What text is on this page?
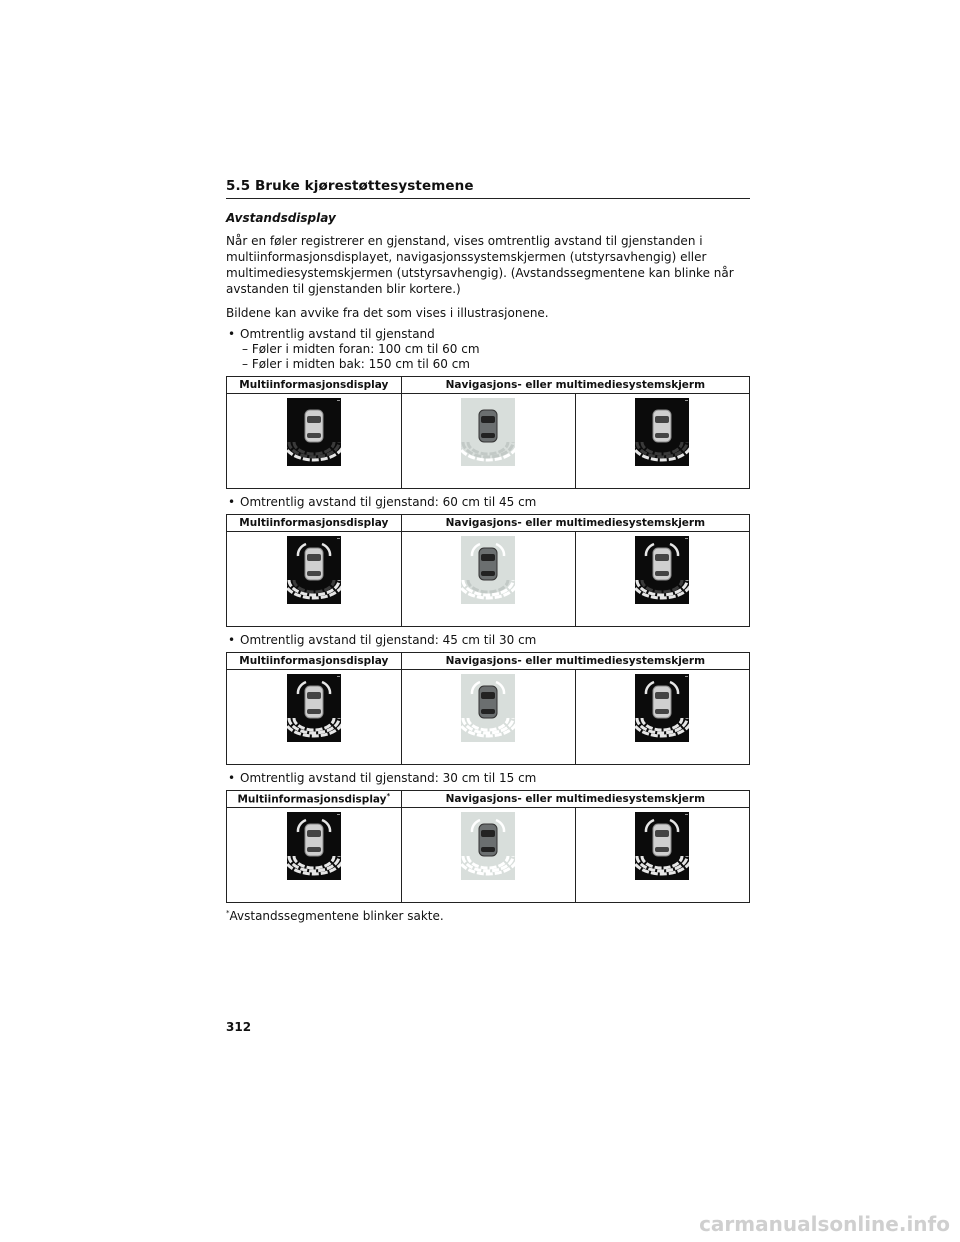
5.5 Bruke kjørestøttesystemene
Avstandsdisplay

Når en føler registrerer en gjenstand, vises omtrentlig avstand til gjenstanden i multiinformasjonsdisplayet, navigasjonssystemskjermen (utstyrsavhengig) eller multimediesystemskjermen (utstyrsavhengig). (Avstandssegmentene kan blinke når avstanden til gjenstanden blir kortere.)

Bildene kan avvike fra det som vises i illustrasjonene.

• Omtrentlig avstand til gjenstand
– Føler i midten foran: 100 cm til 60 cm
– Føler i midten bak: 150 cm til 60 cm
Multiinformasjonsdisplay	Navigasjons- eller multimediesystemskjerm	

• Omtrentlig avstand til gjenstand: 60 cm til 45 cm
Multiinformasjonsdisplay	Navigasjons- eller multimediesystemskjerm	

• Omtrentlig avstand til gjenstand: 45 cm til 30 cm
Multiinformasjonsdisplay	Navigasjons- eller multimediesystemskjerm	

• Omtrentlig avstand til gjenstand: 30 cm til 15 cm
Multiinformasjonsdisplay*	Navigasjons- eller multimediesystemskjerm	

*Avstandssegmentene blinker sakte.
312
carmanualsonline.info
